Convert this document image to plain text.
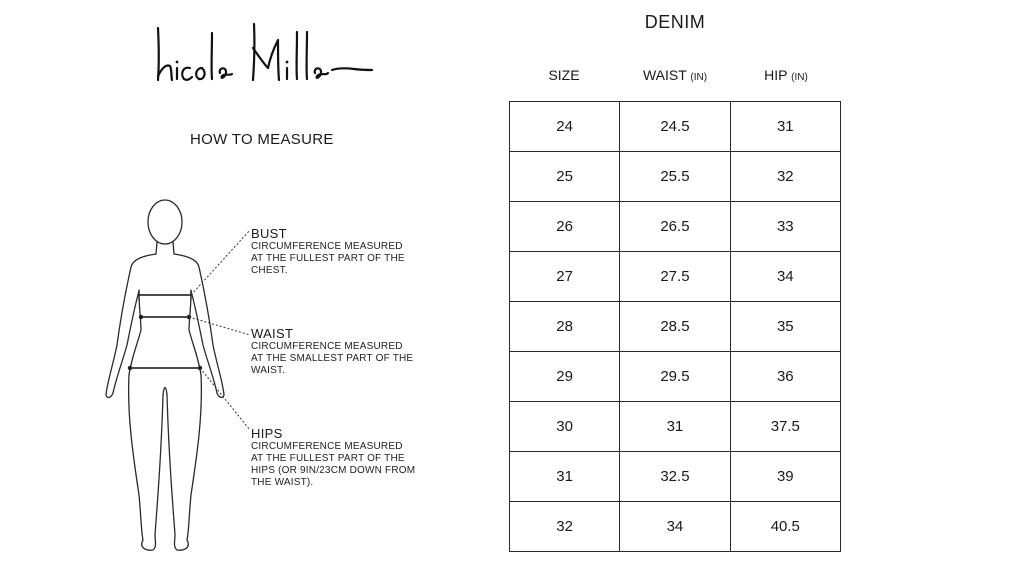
HOW TO MEASURE
BUST
CIRCUMFERENCE MEASURED
AT THE FULLEST PART OF THE
CHEST.
WAIST
CIRCUMFERENCE MEASURED
AT THE SMALLEST PART OF THE
WAIST.
HIPS
CIRCUMFERENCE MEASURED
AT THE FULLEST PART OF THE
HIPS (OR 9IN/23CM DOWN FROM
THE WAIST).
DENIM
SIZE	WAIST (IN)	HIP (IN)
24	24.5	31
25	25.5	32
26	26.5	33
27	27.5	34
28	28.5	35
29	29.5	36
30	31	37.5
31	32.5	39
32	34	40.5
